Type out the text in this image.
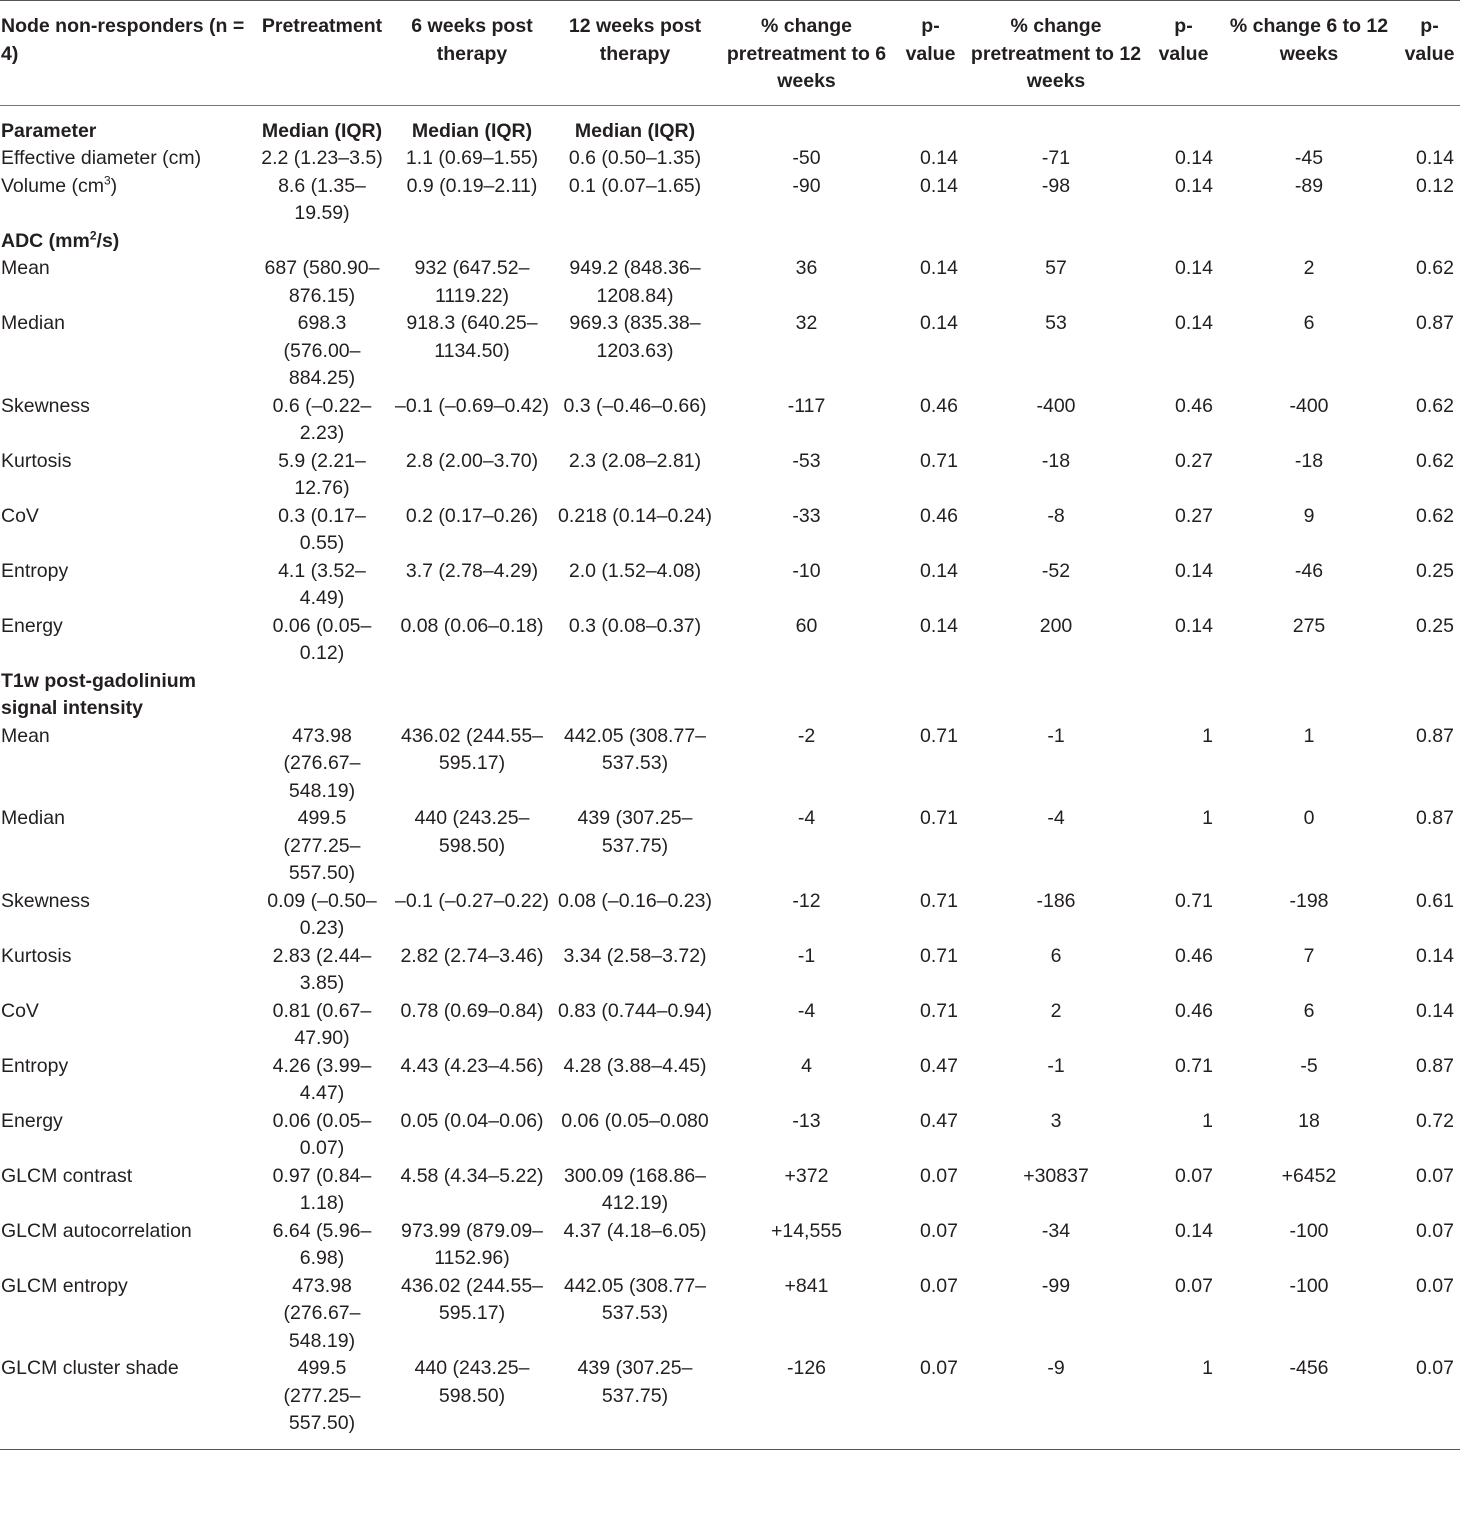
Node non-responders (n = 4)	Pretreatment	6 weeks post therapy	12 weeks post therapy	% change pretreatment to 6 weeks	p-value	% change pretreatment to 12 weeks	p-value	% change 6 to 12 weeks	p-value
Parameter	Median (IQR)	Median (IQR)	Median (IQR)						
Effective diameter (cm)	2.2 (1.23–3.5)	1.1 (0.69–1.55)	0.6 (0.50–1.35)	-50	0.14	-71	0.14	-45	0.14
Volume $(cm^3)$	8.6 (1.35–19.59)	0.9 (0.19–2.11)	0.1 (0.07–1.65)	-90	0.14	-98	0.14	-89	0.12
ADC $(mm^2/s)$									
Mean	687 (580.90–876.15)	932 (647.52–1119.22)	949.2 (848.36–1208.84)	36	0.14	57	0.14	2	0.62
Median	698.3 (576.00–884.25)	918.3 (640.25–1134.50)	969.3 (835.38–1203.63)	32	0.14	53	0.14	6	0.87
Skewness	0.6 (–0.22–2.23)	–0.1 (–0.69–0.42)	0.3 (–0.46–0.66)	-117	0.46	-400	0.46	-400	0.62
Kurtosis	5.9 (2.21–12.76)	2.8 (2.00–3.70)	2.3 (2.08–2.81)	-53	0.71	-18	0.27	-18	0.62
CoV	0.3 (0.17–0.55)	0.2 (0.17–0.26)	0.218 (0.14–0.24)	-33	0.46	-8	0.27	9	0.62
Entropy	4.1 (3.52–4.49)	3.7 (2.78–4.29)	2.0 (1.52–4.08)	-10	0.14	-52	0.14	-46	0.25
Energy	0.06 (0.05–0.12)	0.08 (0.06–0.18)	0.3 (0.08–0.37)	60	0.14	200	0.14	275	0.25
T1w post-gadolinium signal intensity									
Mean	473.98 (276.67–548.19)	436.02 (244.55–595.17)	442.05 (308.77–537.53)	-2	0.71	-1	1	1	0.87
Median	499.5 (277.25–557.50)	440 (243.25–598.50)	439 (307.25–537.75)	-4	0.71	-4	1	0	0.87
Skewness	0.09 (–0.50–0.23)	–0.1 (–0.27–0.22)	0.08 (–0.16–0.23)	-12	0.71	-186	0.71	-198	0.61
Kurtosis	2.83 (2.44–3.85)	2.82 (2.74–3.46)	3.34 (2.58–3.72)	-1	0.71	6	0.46	7	0.14
CoV	0.81 (0.67–47.90)	0.78 (0.69–0.84)	0.83 (0.744–0.94)	-4	0.71	2	0.46	6	0.14
Entropy	4.26 (3.99–4.47)	4.43 (4.23–4.56)	4.28 (3.88–4.45)	4	0.47	-1	0.71	-5	0.87
Energy	0.06 (0.05–0.07)	0.05 (0.04–0.06)	0.06 (0.05–0.080	-13	0.47	3	1	18	0.72
GLCM contrast	0.97 (0.84–1.18)	4.58 (4.34–5.22)	300.09 (168.86–412.19)	+372	0.07	+30837	0.07	+6452	0.07
GLCM autocorrelation	6.64 (5.96–6.98)	973.99 (879.09–1152.96)	4.37 (4.18–6.05)	+14,555	0.07	-34	0.14	-100	0.07
GLCM entropy	473.98 (276.67–548.19)	436.02 (244.55–595.17)	442.05 (308.77–537.53)	+841	0.07	-99	0.07	-100	0.07
GLCM cluster shade	499.5 (277.25–557.50)	440 (243.25–598.50)	439 (307.25–537.75)	-126	0.07	-9	1	-456	0.07
